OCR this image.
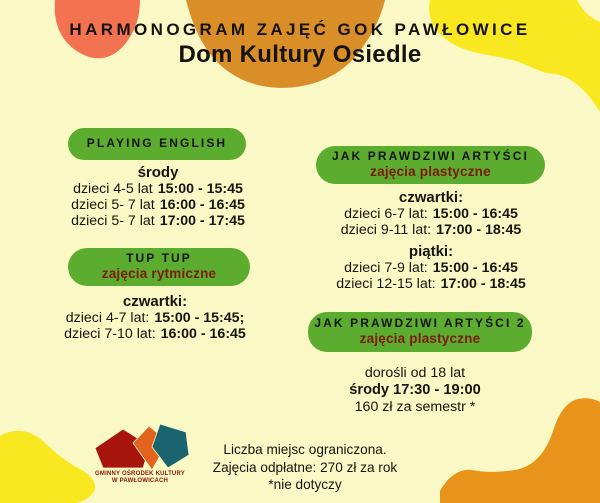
HARMONOGRAM ZAJĘĆ GOK PAWŁOWICE
Dom Kultury Osiedle
PLAYING ENGLISH
środy
dzieci 4-5 lat 15:00 - 15:45
dzieci 5- 7 lat 16:00 - 16:45
dzieci 5- 7 lat 17:00 - 17:45
TUP TUP
zajęcia rytmiczne
czwartki:
dzieci 4-7 lat: 15:00 - 15:45;
dzieci 7-10 lat: 16:00 - 16:45
JAK PRAWDZIWI ARTYŚCI
zajęcia plastyczne
czwartki:
dzieci 6-7 lat: 15:00 - 16:45
dzieci 9-11 lat: 17:00 - 18:45
piątki:
dzieci 7-9 lat: 15:00 - 16:45
dzieci 12-15 lat: 17:00 - 18:45
JAK PRAWDZIWI ARTYŚCI 2
zajęcia plastyczne
dorośli od 18 lat
środy 17:30 - 19:00
160 zł za semestr *
GMINNY OŚRODEK KULTURY
W PAWŁOWICACH
Liczba miejsc ograniczona.
Zajęcia odpłatne: 270 zł za rok
*nie dotyczy
